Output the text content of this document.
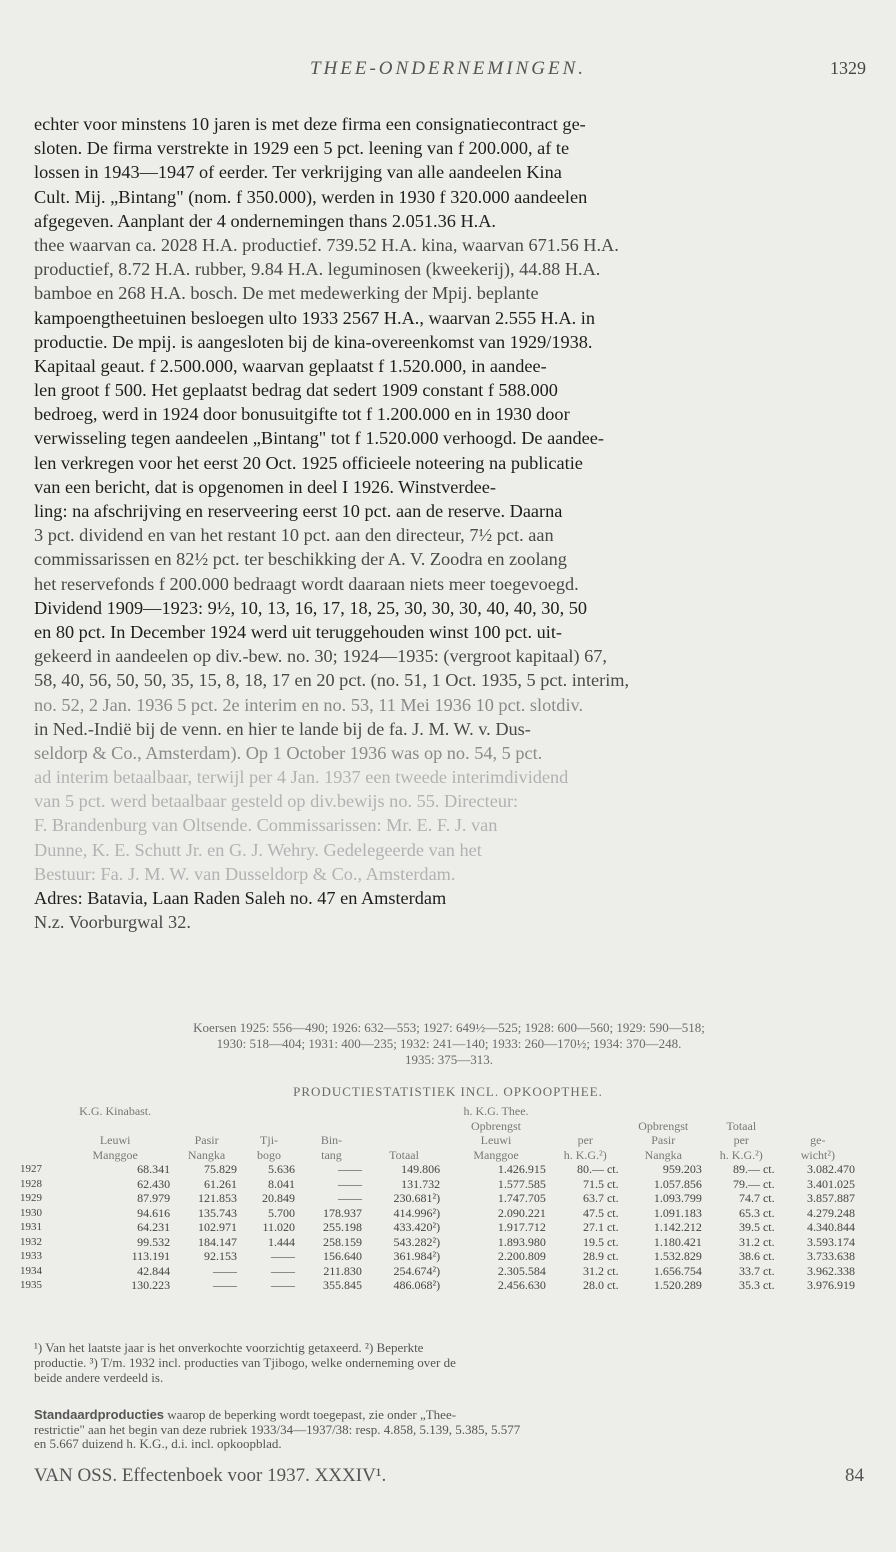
THEE-ONDERNEMINGEN.	1329
echter voor minstens 10 jaren is met deze firma een consignatiecontract ge-
sloten. De firma verstrekte in 1929 een 5 pct. leening van f 200.000, af te
lossen in 1943—1947 of eerder. Ter verkrijging van alle aandeelen Kina
Cult. Mij. „Bintang" (nom. f 350.000), werden in 1930 f 320.000 aandeelen
afgegeven. Aanplant der 4 ondernemingen thans 2.051.36 H.A.
thee waarvan ca. 2028 H.A. productief. 739.52 H.A. kina, waarvan 671.56 H.A.
productief, 8.72 H.A. rubber, 9.84 H.A. leguminosen (kweekerij), 44.88 H.A.
bamboe en 268 H.A. bosch. De met medewerking der Mpij. beplante
kampoengtheetuinen besloegen ulto 1933 2567 H.A., waarvan 2.555 H.A. in
productie. De mpij. is aangesloten bij de kina-overeenkomst van 1929/1938.
Kapitaal geaut. f 2.500.000, waarvan geplaatst f 1.520.000, in aandee-
len groot f 500. Het geplaatst bedrag dat sedert 1909 constant f 588.000
bedroeg, werd in 1924 door bonusuitgifte tot f 1.200.000 en in 1930 door
verwisseling tegen aandeelen „Bintang" tot f 1.520.000 verhoogd. De aandee-
len verkregen voor het eerst 20 Oct. 1925 officieele noteering na publicatie
van een bericht, dat is opgenomen in deel I 1926. Winstverdee-
ling: na afschrijving en reserveering eerst 10 pct. aan de reserve. Daarna
3 pct. dividend en van het restant 10 pct. aan den directeur, 7½ pct. aan
commissarissen en 82½ pct. ter beschikking der A. V. Zoodra en zoolang
het reservefonds f 200.000 bedraagt wordt daaraan niets meer toegevoegd.
Dividend 1909—1923: 9½, 10, 13, 16, 17, 18, 25, 30, 30, 30, 40, 40, 30, 50
en 80 pct. In December 1924 werd uit teruggehouden winst 100 pct. uit-
gekeerd in aandeelen op div.-bew. no. 30; 1924—1935: (vergroot kapitaal) 67,
58, 40, 56, 50, 50, 35, 15, 8, 18, 17 en 20 pct. (no. 51, 1 Oct. 1935, 5 pct. interim,
no. 52, 2 Jan. 1936 5 pct. 2e interim en no. 53, 11 Mei 1936 10 pct. slotdiv.
in Ned.-Indië bij de venn. en hier te lande bij de fa. J. M. W. v. Dus-
seldorp & Co., Amsterdam). Op 1 October 1936 was op no. 54, 5 pct.
ad interim betaalbaar, terwijl per 4 Jan. 1937 een tweede interimdividend
van 5 pct. werd betaalbaar gesteld op div.bewijs no. 55. Directeur:
F. Brandenburg van Oltsende. Commissarissen: Mr. E. F. J. van
Dunne, K. E. Schutt Jr. en G. J. Wehry. Gedelegeerde van het
Bestuur: Fa. J. M. W. van Dusseldorp & Co., Amsterdam.
Adres: Batavia, Laan Raden Saleh no. 47 en Amsterdam
N.z. Voorburgwal 32.
Koersen 1925: 556—490; 1926: 632—553; 1927: 649½—525; 1928: 600—560; 1929: 590—518;
1930: 518—404; 1931: 400—235; 1932: 241—140; 1933: 260—170½; 1934: 370—248.
1935: 375—313.
PRODUCTIESTATISTIEK INCL. OPKOOPTHEE.
	K.G. Kinabast.					h. K.G. Thee.				
						Opbrengst		Opbrengst	Totaal	
	Leuwi	Pasir	Tji-	Bin-		Leuwi	per	Pasir	per	ge-
	Manggoe	Nangka	bogo	tang	Totaal	Manggoe	h. K.G.²)	Nangka	h. K.G.²)	wicht²)
1927	68.341	75.829	5.636	——	149.806	1.426.915	80.— ct.	959.203	89.— ct.	3.082.470
1928	62.430	61.261	8.041	——	131.732	1.577.585	71.5 ct.	1.057.856	79.— ct.	3.401.025
1929	87.979	121.853	20.849	——	230.681²)	1.747.705	63.7 ct.	1.093.799	74.7 ct.	3.857.887
1930	94.616	135.743	5.700	178.937	414.996²)	2.090.221	47.5 ct.	1.091.183	65.3 ct.	4.279.248
1931	64.231	102.971	11.020	255.198	433.420²)	1.917.712	27.1 ct.	1.142.212	39.5 ct.	4.340.844
1932	99.532	184.147	1.444	258.159	543.282²)	1.893.980	19.5 ct.	1.180.421	31.2 ct.	3.593.174
1933	113.191	92.153	——	156.640	361.984²)	2.200.809	28.9 ct.	1.532.829	38.6 ct.	3.733.638
1934	42.844	——	——	211.830	254.674²)	2.305.584	31.2 ct.	1.656.754	33.7 ct.	3.962.338
1935	130.223	——	——	355.845	486.068²)	2.456.630	28.0 ct.	1.520.289	35.3 ct.	3.976.919
¹) Van het laatste jaar is het onverkochte voorzichtig getaxeerd. ²) Beperkte
productie. ³) T/m. 1932 incl. producties van Tjibogo, welke onderneming over de
beide andere verdeeld is.
Standaardproducties waarop de beperking wordt toegepast, zie onder „Thee-
restrictie" aan het begin van deze rubriek 1933/34—1937/38: resp. 4.858, 5.139, 5.385, 5.577
en 5.667 duizend h. K.G., d.i. incl. opkoopblad.
VAN OSS. Effectenboek voor 1937. XXXIV¹.	84
